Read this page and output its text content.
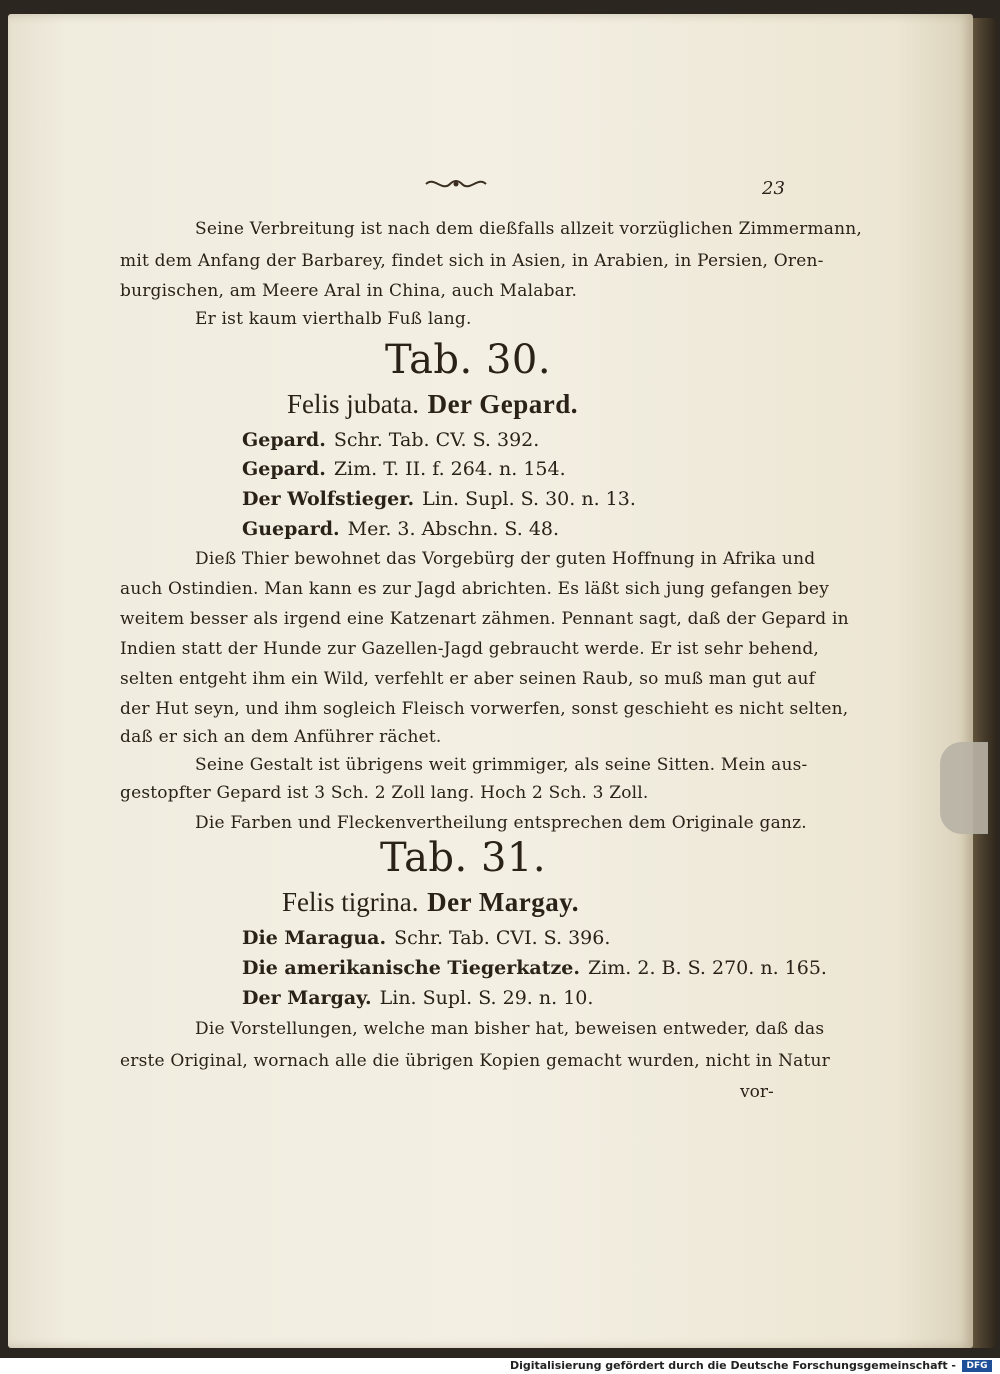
23
Seine Verbreitung ist nach dem dießfalls allzeit vorzüglichen Zimmermann,
mit dem Anfang der Barbarey, findet sich in Asien, in Arabien, in Persien, Oren-
burgischen, am Meere Aral in China, auch Malabar.
Er ist kaum vierthalb Fuß lang.
Tab. 30.
Felis jubata. Der Gepard.
Gepard. Schr. Tab. CV. S. 392.
Gepard. Zim. T. II. f. 264. n. 154.
Der Wolfstieger. Lin. Supl. S. 30. n. 13.
Guepard. Mer. 3. Abschn. S. 48.
Dieß Thier bewohnet das Vorgebürg der guten Hoffnung in Afrika und
auch Ostindien. Man kann es zur Jagd abrichten. Es läßt sich jung gefangen bey
weitem besser als irgend eine Katzenart zähmen. Pennant sagt, daß der Gepard in
Indien statt der Hunde zur Gazellen-Jagd gebraucht werde. Er ist sehr behend,
selten entgeht ihm ein Wild, verfehlt er aber seinen Raub, so muß man gut auf
der Hut seyn, und ihm sogleich Fleisch vorwerfen, sonst geschieht es nicht selten,
daß er sich an dem Anführer rächet.
Seine Gestalt ist übrigens weit grimmiger, als seine Sitten. Mein aus-
gestopfter Gepard ist 3 Sch. 2 Zoll lang. Hoch 2 Sch. 3 Zoll.
Die Farben und Fleckenvertheilung entsprechen dem Originale ganz.
Tab. 31.
Felis tigrina. Der Margay.
Die Maragua. Schr. Tab. CVI. S. 396.
Die amerikanische Tiegerkatze. Zim. 2. B. S. 270. n. 165.
Der Margay. Lin. Supl. S. 29. n. 10.
Die Vorstellungen, welche man bisher hat, beweisen entweder, daß das
erste Original, wornach alle die übrigen Kopien gemacht wurden, nicht in Natur
vor-
Digitalisierung gefördert durch die Deutsche Forschungsgemeinschaft -	DFG
